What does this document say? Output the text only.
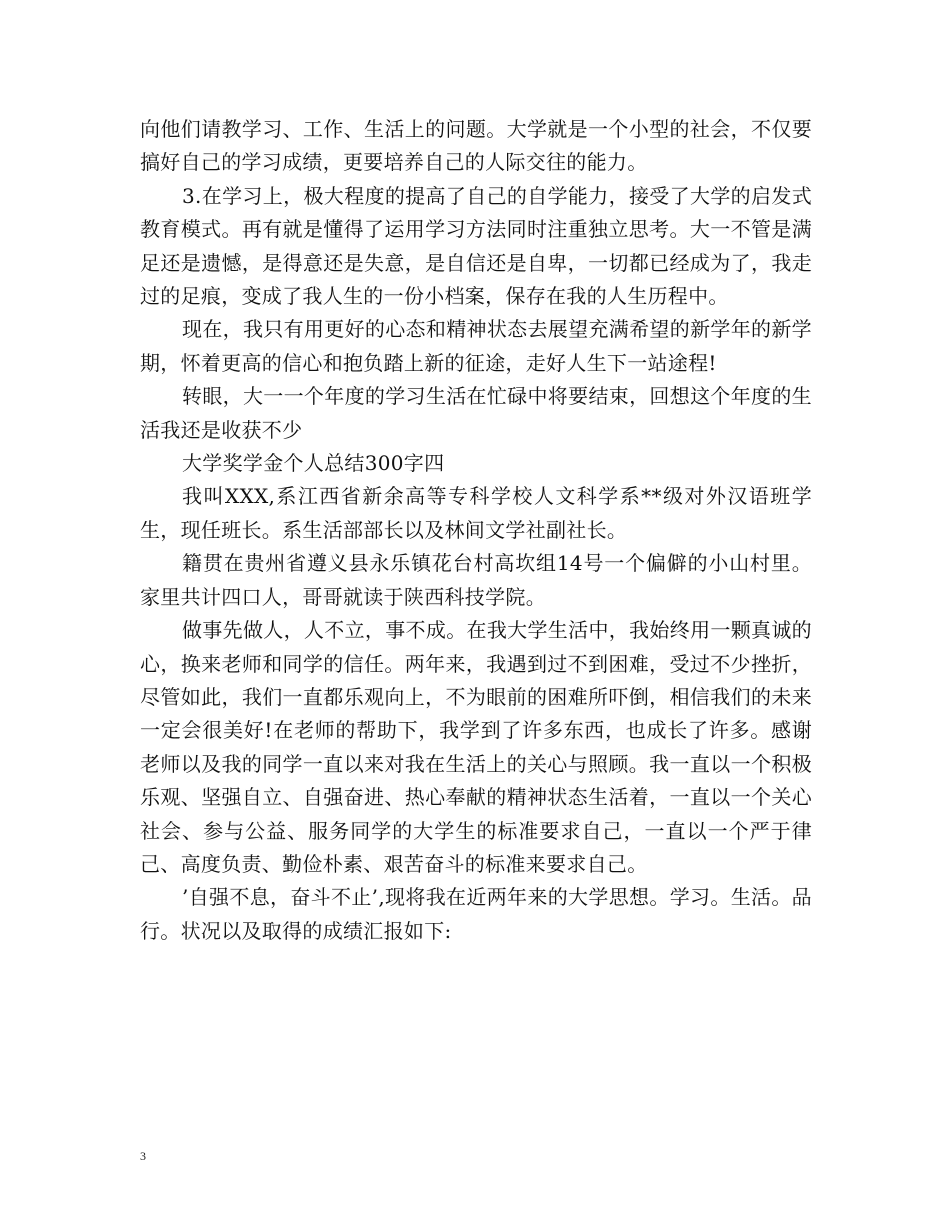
向他们请教学习、工作、生活上的问题。大学就是一个小型的社会，不仅要搞好自己的学习成绩，更要培养自己的人际交往的能力。

3.在学习上，极大程度的提高了自己的自学能力，接受了大学的启发式教育模式。再有就是懂得了运用学习方法同时注重独立思考。大一不管是满足还是遗憾，是得意还是失意，是自信还是自卑，一切都已经成为了，我走过的足痕，变成了我人生的一份小档案，保存在我的人生历程中。

现在，我只有用更好的心态和精神状态去展望充满希望的新学年的新学期，怀着更高的信心和抱负踏上新的征途，走好人生下一站途程!

转眼，大一一个年度的学习生活在忙碌中将要结束，回想这个年度的生活我还是收获不少

大学奖学金个人总结300字四

我叫XXX,系江西省新余高等专科学校人文科学系**级对外汉语班学生，现任班长。系生活部部长以及林间文学社副社长。

籍贯在贵州省遵义县永乐镇花台村高坎组14号一个偏僻的小山村里。家里共计四口人，哥哥就读于陕西科技学院。

做事先做人，人不立，事不成。在我大学生活中，我始终用一颗真诚的心，换来老师和同学的信任。两年来，我遇到过不到困难，受过不少挫折，尽管如此，我们一直都乐观向上，不为眼前的困难所吓倒，相信我们的未来一定会很美好!在老师的帮助下，我学到了许多东西，也成长了许多。感谢老师以及我的同学一直以来对我在生活上的关心与照顾。我一直以一个积极乐观、坚强自立、自强奋进、热心奉献的精神状态生活着，一直以一个关心社会、参与公益、服务同学的大学生的标准要求自己，一直以一个严于律己、高度负责、勤俭朴素、艰苦奋斗的标准来要求自己。

’自强不息，奋斗不止’,现将我在近两年来的大学思想。学习。生活。品行。状况以及取得的成绩汇报如下:

3
